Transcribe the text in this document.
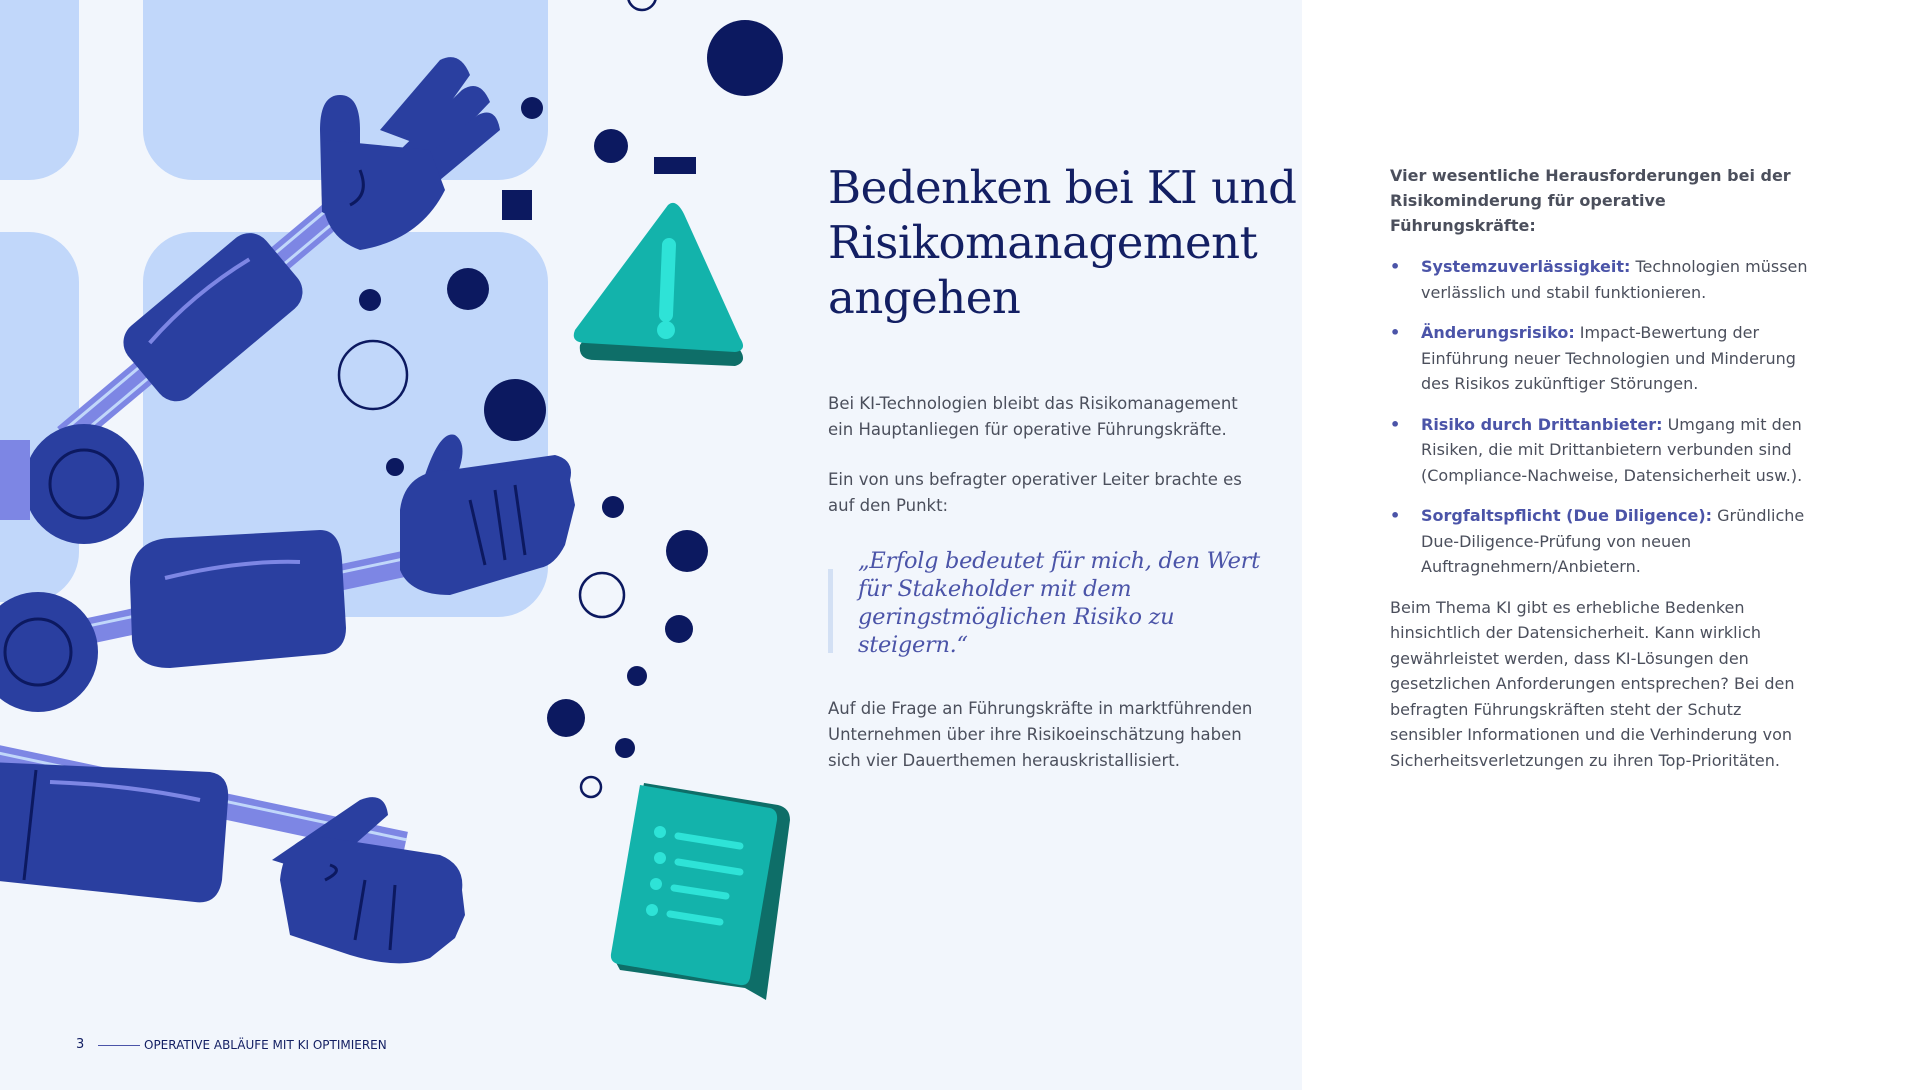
Bedenken bei KI und Risikomanagement angehen

Bei KI-Technologien bleibt das Risikomanagement ein Hauptanliegen für operative Führungskräfte.

Ein von uns befragter operativer Leiter brachte es auf den Punkt:

„Erfolg bedeutet für mich, den Wert für Stakeholder mit dem geringstmöglichen Risiko zu steigern.“

Auf die Frage an Führungskräfte in marktführenden Unternehmen über ihre Risikoeinschätzung haben sich vier Dauerthemen herauskristallisiert.

3	OPERATIVE ABLÄUFE MIT KI OPTIMIEREN

Vier wesentliche Herausforderungen bei der Risikominderung für operative Führungskräfte:

• Systemzuverlässigkeit: Technologien müssen verlässlich und stabil funktionieren.
• Änderungsrisiko: Impact-Bewertung der Einführung neuer Technologien und Minderung des Risikos zukünftiger Störungen.
• Risiko durch Drittanbieter: Umgang mit den Risiken, die mit Drittanbietern verbunden sind (Compliance-Nachweise, Datensicherheit usw.).
• Sorgfaltspflicht (Due Diligence): Gründliche Due-Diligence-Prüfung von neuen Auftragnehmern/Anbietern.

Beim Thema KI gibt es erhebliche Bedenken hinsichtlich der Datensicherheit. Kann wirklich gewährleistet werden, dass KI-Lösungen den gesetzlichen Anforderungen entsprechen? Bei den befragten Führungskräften steht der Schutz sensibler Informationen und die Verhinderung von Sicherheitsverletzungen zu ihren Top-Prioritäten.
